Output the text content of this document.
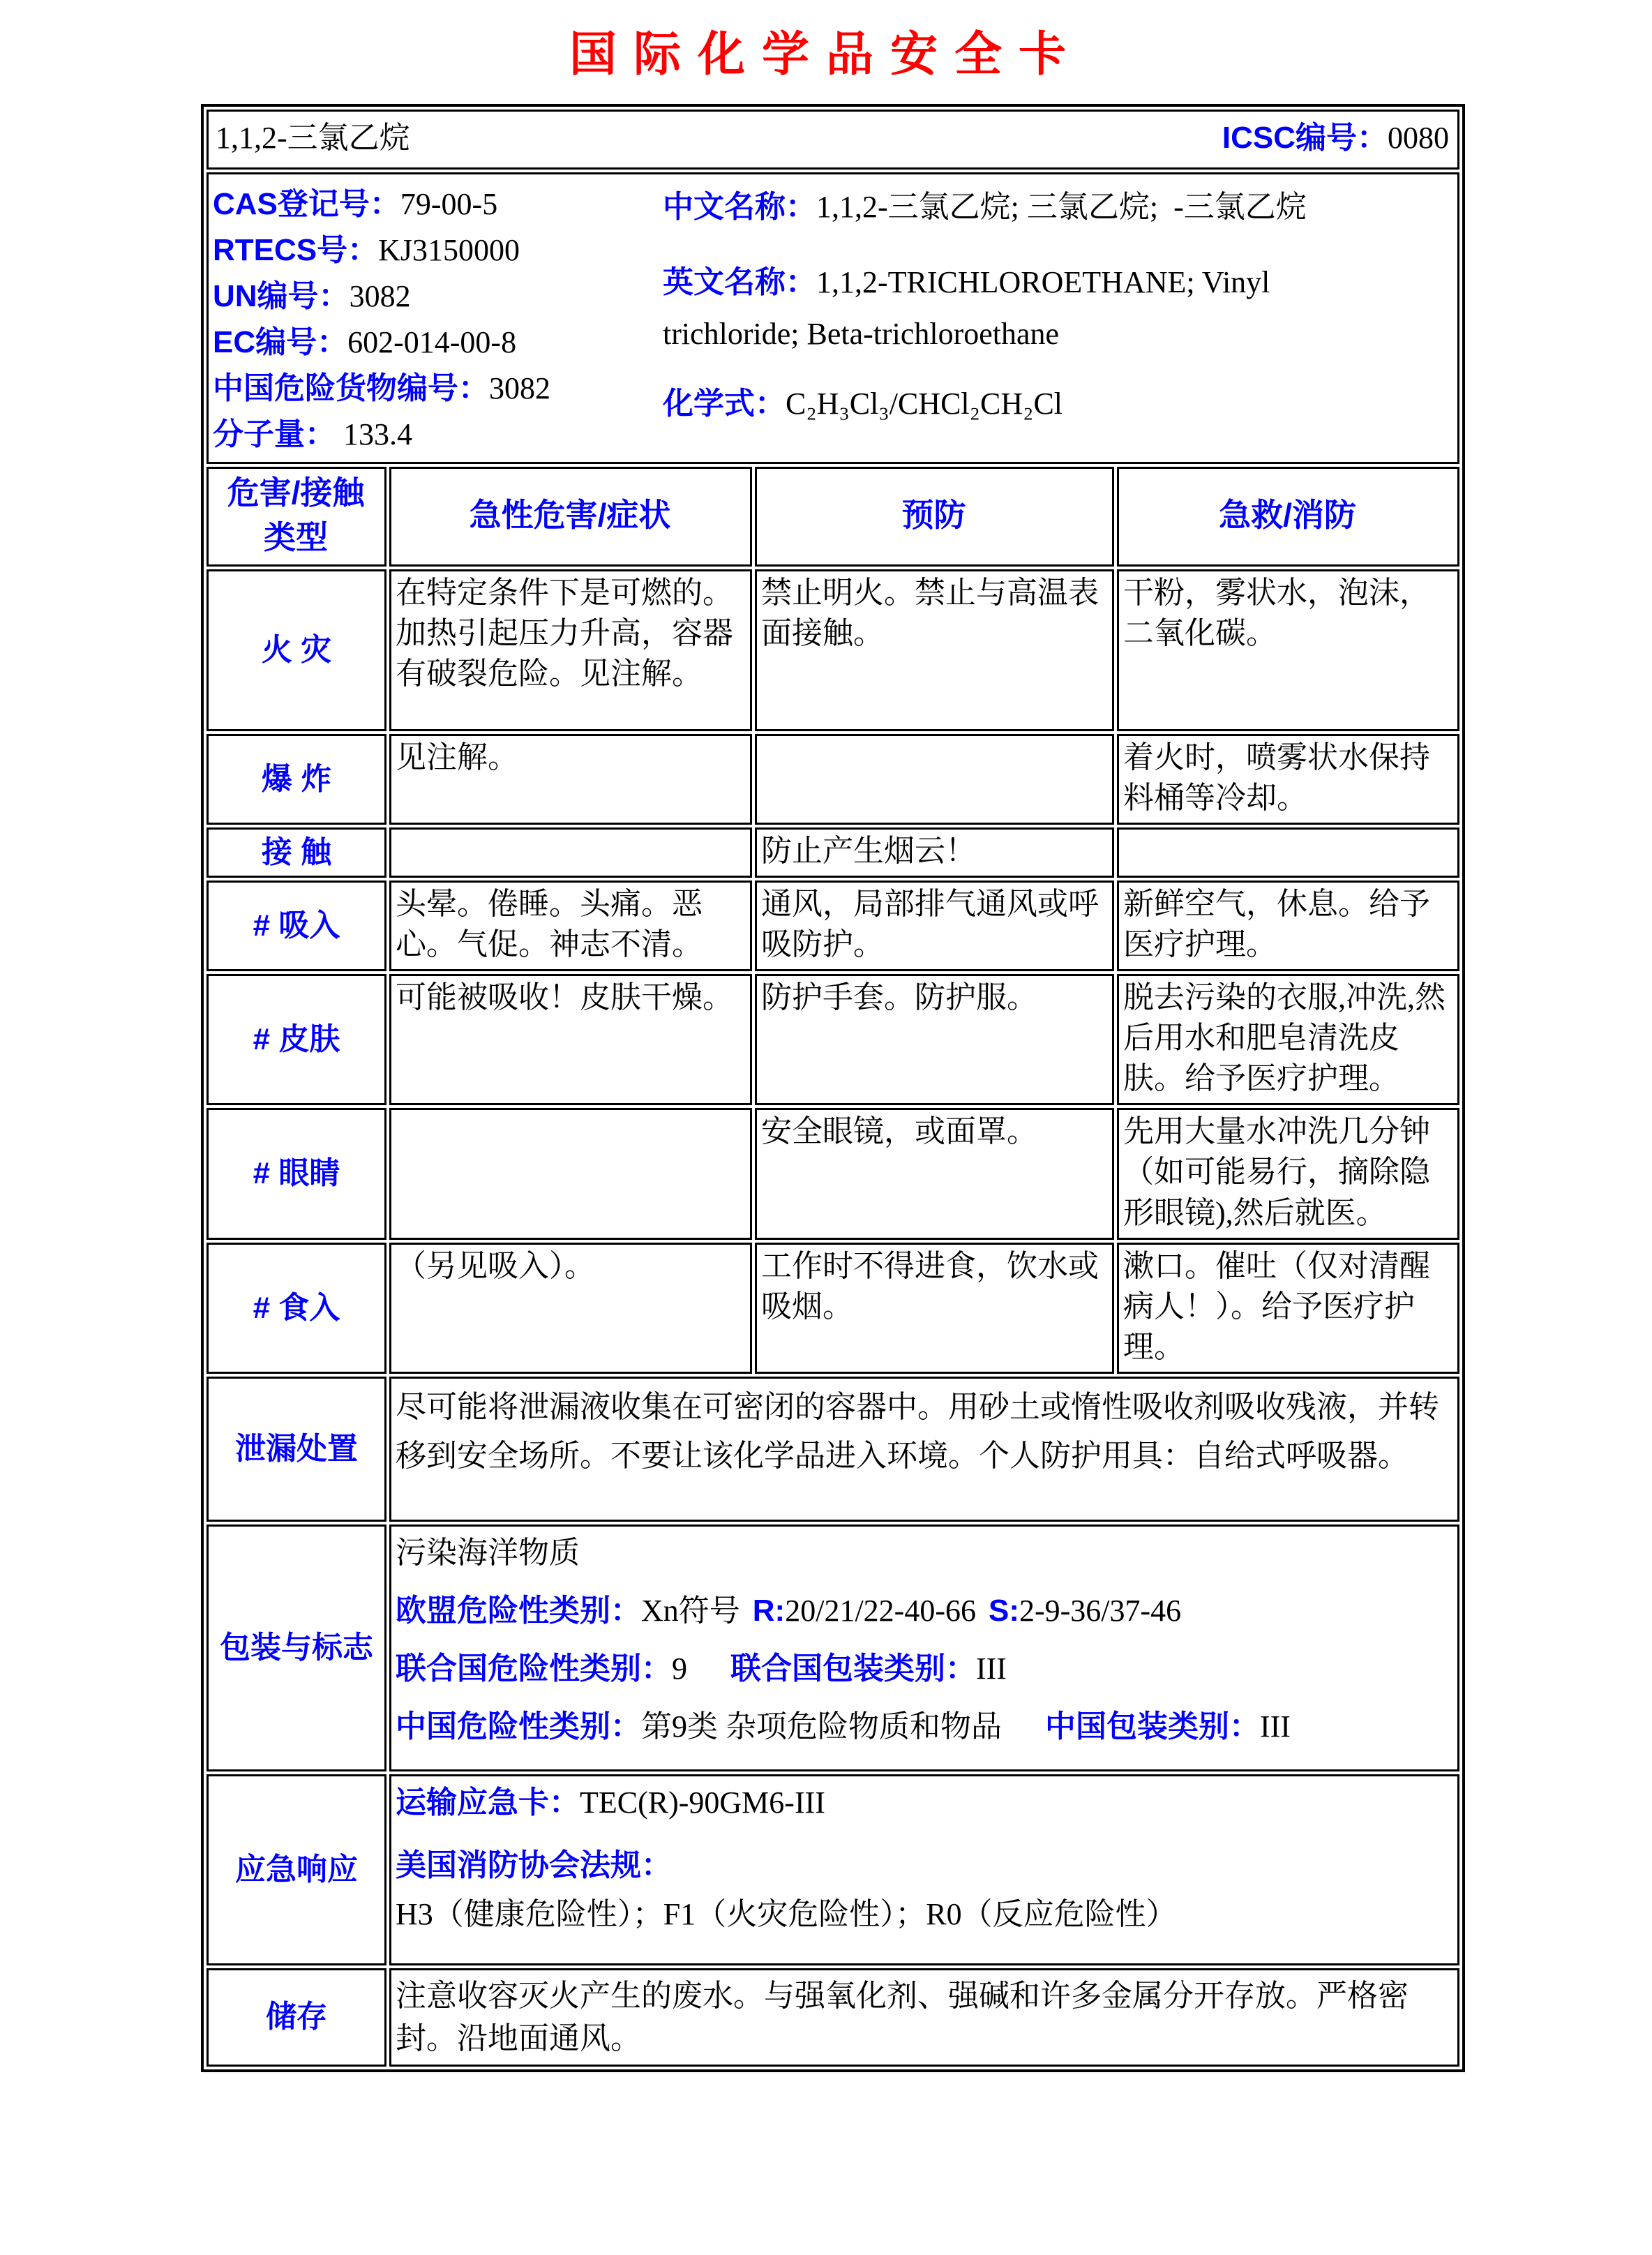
国际化学品安全卡
1,1,2-三氯乙烷 ICSC编号：0080			

CAS登记号：79-00-5
RTECS号：KJ3150000
UN编号：3082
EC编号：602-014-00-8
中国危险货物编号：3082
分子量： 133.4
中文名称：1,1,2-三氯乙烷; 三氯乙烷;  -三氯乙烷
英文名称：1,1,2-TRICHLOROETHANE; Vinyl trichloride; Beta-trichloroethane
化学式：C₂H₃Cl₃/CHCl₂CH₂Cl

危害/接触类型	急性危害/症状	预防	急救/消防
火 灾	在特定条件下是可燃的。加热引起压力升高，容器有破裂危险。见注解。	禁止明火。禁止与高温表面接触。	干粉，雾状水，泡沫，二氧化碳。
爆 炸	见注解。		着火时，喷雾状水保持料桶等冷却。
接 触		防止产生烟云！	
# 吸入	头晕。倦睡。头痛。恶心。气促。神志不清。	通风，局部排气通风或呼吸防护。	新鲜空气，休息。给予医疗护理。
# 皮肤	可能被吸收！皮肤干燥。	防护手套。防护服。	脱去污染的衣服,冲洗,然后用水和肥皂清洗皮肤。给予医疗护理。
# 眼睛		安全眼镜，或面罩。	先用大量水冲洗几分钟（如可能易行，摘除隐形眼镜),然后就医。
# 食入	（另见吸入）。	工作时不得进食，饮水或吸烟。	漱口。催吐（仅对清醒病人！）。给予医疗护理。
泄漏处置	尽可能将泄漏液收集在可密闭的容器中。用砂土或惰性吸收剂吸收残液，并转移到安全场所。不要让该化学品进入环境。个人防护用具：自给式呼吸器。		

包装与标志	污染海洋物质
欧盟危险性类别：Xn符号 R:20/21/22-40-66 S:2-9-36/37-46
联合国危险性类别：9 联合国包装类别：III
中国危险性类别：第9类 杂项危险物质和物品 中国包装类别：III		

应急响应	运输应急卡：TEC(R)-90GM6-III
美国消防协会法规：H3（健康危险性）；F1（火灾危险性）；R0（反应危险性）		

储存	注意收容灭火产生的废水。与强氧化剂、强碱和许多金属分开存放。严格密封。沿地面通风。		
